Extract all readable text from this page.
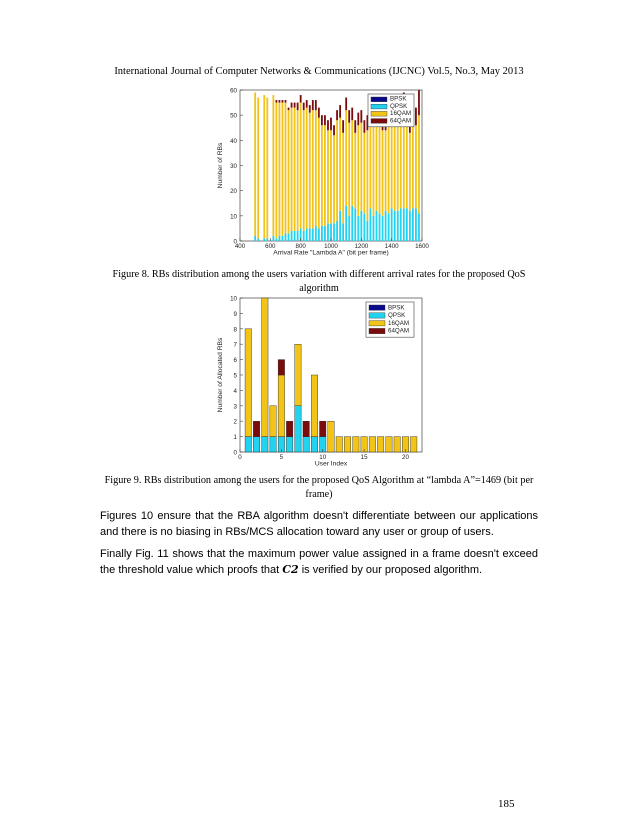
International Journal of Computer Networks & Communications (IJCNC) Vol.5, No.3, May 2013
0
10
20
30
40
50
60
400	600	800	1000	1200	1400	1600
Arrival Rate "Lambda A" (bit per frame)
Number of RBs
BPSK
QPSK
16QAM
64QAM
Figure 8. RBs distribution among the users variation with different arrival rates for the proposed QoS algorithm
0
1
2
3
4
5
6
7
8
9
10
0	5	10	15	20
User Index
Number of Allocated RBs
BPSK
QPSK
16QAM
64QAM
Figure 9. RBs distribution among the users for the proposed QoS Algorithm at “lambda A”=1469 (bit per frame)
Figures 10 ensure that the RBA algorithm doesn't differentiate between our applications and there is no biasing in RBs/MCS allocation toward any user or group of users.
Finally Fig. 11 shows that the maximum power value assigned in a frame doesn't exceed the threshold value which proofs that C2 is verified by our proposed algorithm.
185
